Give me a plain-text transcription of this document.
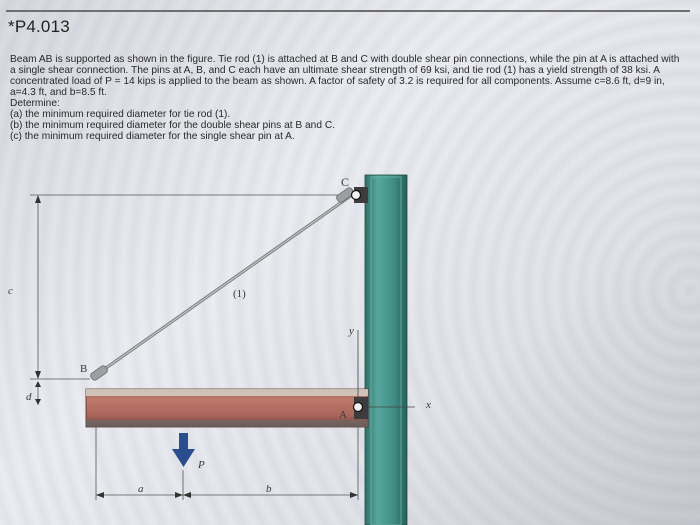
*P4.013

Beam AB is supported as shown in the figure. Tie rod (1) is attached at B and C with double shear pin connections, while the pin at A is attached with a single shear connection. The pins at A, B, and C each have an ultimate shear strength of 69 ksi, and tie rod (1) has a yield strength of 38 ksi. A concentrated load of P = 14 kips is applied to the beam as shown. A factor of safety of 3.2 is required for all components. Assume c=8.6 ft, d=9 in, a=4.3 ft, and b=8.5 ft.

Determine:

(a) the minimum required diameter for tie rod (1).
(b) the minimum required diameter for the double shear pins at B and C.
(c) the minimum required diameter for the single shear pin at A.
C
c	(1)
y
B
d
A
x
P
a	b
